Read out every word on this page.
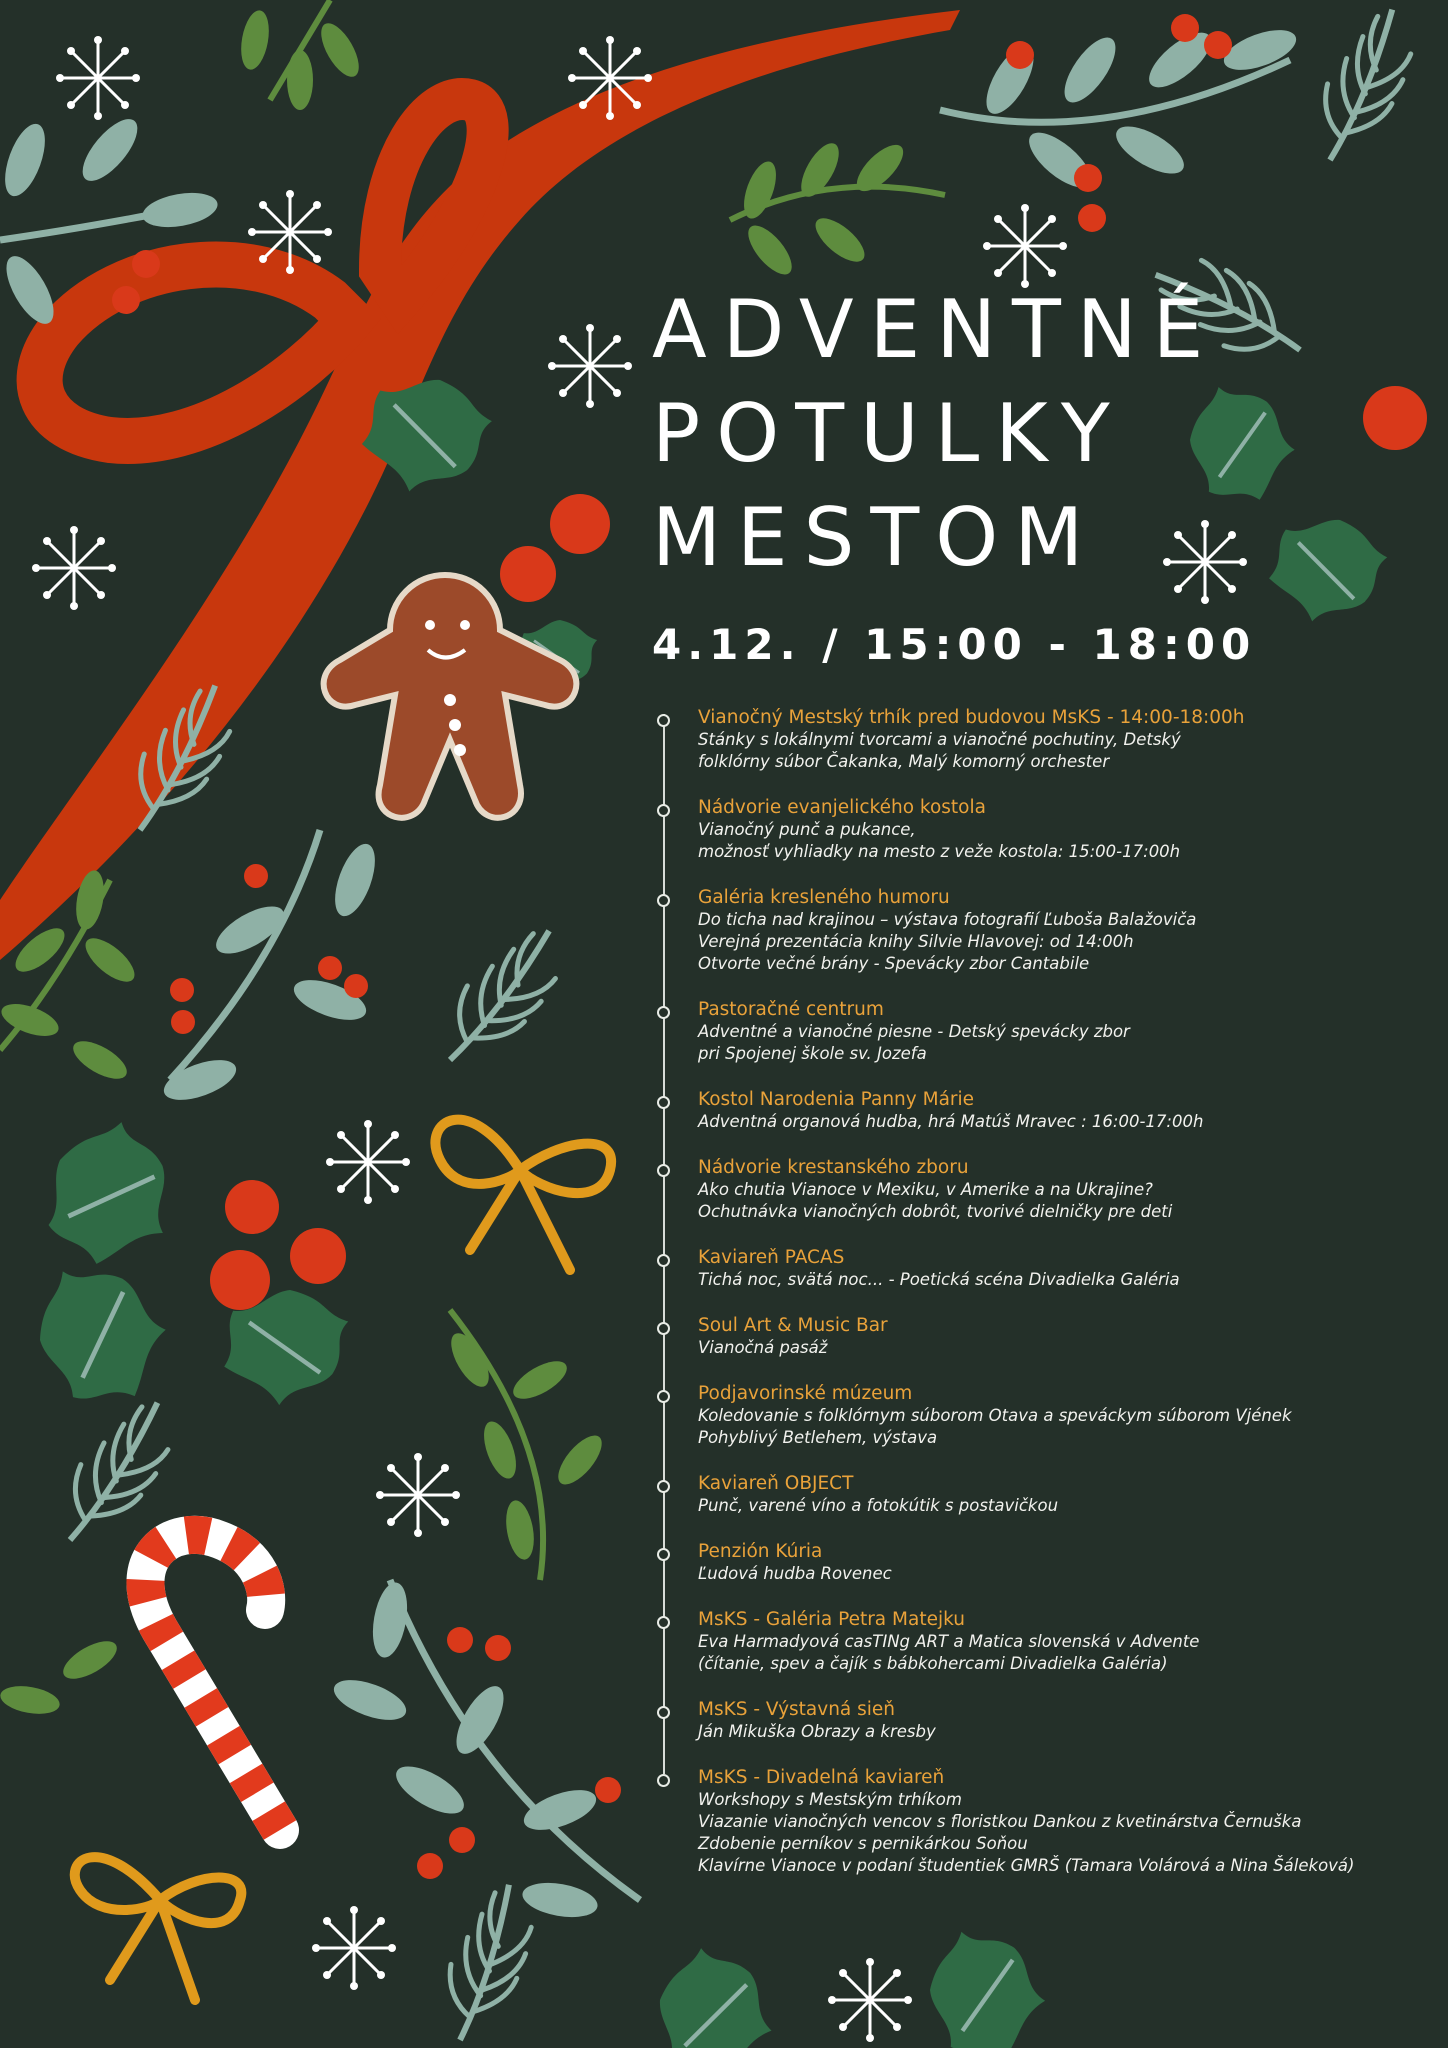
ADVENTNÉ
POTULKY
MESTOM
4.12. / 15:00 - 18:00
Vianočný Mestský trhík pred budovou MsKS - 14:00-18:00h
Stánky s lokálnymi tvorcami a vianočné pochutiny, Detský
folklórny súbor Čakanka, Malý komorný orchester
Nádvorie evanjelického kostola
Vianočný punč a pukance,
možnosť vyhliadky na mesto z veže kostola: 15:00-17:00h
Galéria kresleného humoru
Do ticha nad krajinou – výstava fotografií Ľuboša Balažoviča
Verejná prezentácia knihy Silvie Hlavovej: od 14:00h
Otvorte večné brány - Spevácky zbor Cantabile
Pastoračné centrum
Adventné a vianočné piesne - Detský spevácky zbor
pri Spojenej škole sv. Jozefa
Kostol Narodenia Panny Márie
Adventná organová hudba, hrá Matúš Mravec : 16:00-17:00h
Nádvorie krestanského zboru
Ako chutia Vianoce v Mexiku, v Amerike a na Ukrajine?
Ochutnávka vianočných dobrôt, tvorivé dielničky pre deti
Kaviareň PACAS
Tichá noc, svätá noc... - Poetická scéna Divadielka Galéria
Soul Art & Music Bar
Vianočná pasáž
Podjavorinské múzeum
Koledovanie s folklórnym súborom Otava a speváckym súborom Vjének
Pohyblivý Betlehem, výstava
Kaviareň OBJECT
Punč, varené víno a fotokútik s postavičkou
Penzión Kúria
Ľudová hudba Rovenec
MsKS - Galéria Petra Matejku
Eva Harmadyová casTINg ART a Matica slovenská v Advente
(čítanie, spev a čajík s bábkohercami Divadielka Galéria)
MsKS - Výstavná sieň
Ján Mikuška Obrazy a kresby
MsKS - Divadelná kaviareň
Workshopy s Mestským trhíkom
Viazanie vianočných vencov s floristkou Dankou z kvetinárstva Černuška
Zdobenie perníkov s pernikárkou Soňou
Klavírne Vianoce v podaní študentiek GMRŠ (Tamara Volárová a Nina Šáleková)
